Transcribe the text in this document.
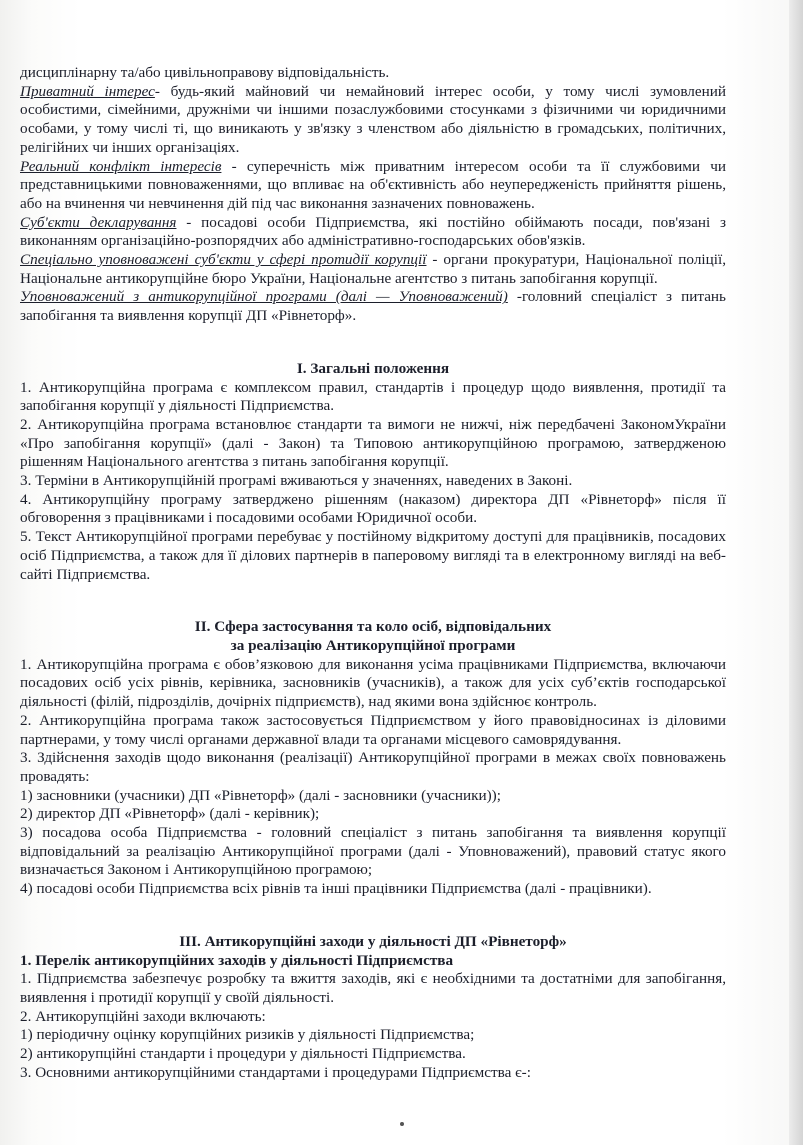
дисциплінарну та/або цивільноправову відповідальність.

Приватний інтерес- будь-який майновий чи немайновий інтерес особи, у тому числі зумовлений особистими, сімейними, дружніми чи іншими позаслужбовими стосунками з фізичними чи юридичними особами, у тому числі ті, що виникають у зв'язку з членством або діяльністю в громадських, політичних, релігійних чи інших організаціях.

Реальний конфлікт інтересів - суперечність між приватним інтересом особи та її службовими чи представницькими повноваженнями, що впливає на об'єктивність або неупередженість прийняття рішень, або на вчинення чи невчинення дій під час виконання зазначених повноважень.

Суб'єкти декларування - посадові особи Підприємства, які постійно обіймають посади, пов'язані з виконанням організаційно-розпорядчих або адміністративно-господарських обов'язків.

Спеціально уповноважені суб'єкти у сфері протидії корупції - органи прокуратури, Національної поліції, Національне антикорупційне бюро України, Національне агентство з питань запобігання корупції.

Уповноважений з антикорупційної програми (далі — Уповноважений) -головний спеціаліст з питань запобігання та виявлення корупції ДП «Рівнеторф».

I. Загальні положення

1. Антикорупційна програма є комплексом правил, стандартів і процедур щодо виявлення, протидії та запобігання корупції у діяльності Підприємства.

2. Антикорупційна програма встановлює стандарти та вимоги не нижчі, ніж передбачені ЗакономУкраїни «Про запобігання корупції» (далі - Закон) та Типовою антикорупційною програмою, затвердженою рішенням Національного агентства з питань запобігання корупції.

3. Терміни в Антикорупційній програмі вживаються у значеннях, наведених в Законі.

4. Антикорупційну програму затверджено рішенням (наказом) директора ДП «Рівнеторф» після її обговорення з працівниками і посадовими особами Юридичної особи.

5. Текст Антикорупційної програми перебуває у постійному відкритому доступі для працівників, посадових осіб Підприємства, а також для її ділових партнерів в паперовому вигляді та в електронному вигляді на веб-сайті Підприємства.

II. Сфера застосування та коло осіб, відповідальних

за реалізацію Антикорупційної програми

1. Антикорупційна програма є обов’язковою для виконання усіма працівниками Підприємства, включаючи посадових осіб усіх рівнів, керівника, засновників (учасників), а також для усіх суб’єктів господарської діяльності (філій, підрозділів, дочірніх підприємств), над якими вона здійснює контроль.

2. Антикорупційна програма також застосовується Підприємством у його правовідносинах із діловими партнерами, у тому числі органами державної влади та органами місцевого самоврядування.

3. Здійснення заходів щодо виконання (реалізації) Антикорупційної програми в межах своїх повноважень провадять:

1) засновники (учасники) ДП «Рівнеторф» (далі - засновники (учасники));

2) директор ДП «Рівнеторф» (далі - керівник);

3) посадова особа Підприємства - головний спеціаліст з питань запобігання та виявлення корупції відповідальний за реалізацію Антикорупційної програми (далі - Уповноважений), правовий статус якого визначається Законом і Антикорупційною програмою;

4) посадові особи Підприємства всіх рівнів та інші працівники Підприємства (далі - працівники).

III. Антикорупційні заходи у діяльності ДП «Рівнеторф»

1. Перелік антикорупційних заходів у діяльності Підприємства

1. Підприємства забезпечує розробку та вжиття заходів, які є необхідними та достатніми для запобігання, виявлення і протидії корупції у своїй діяльності.

2. Антикорупційні заходи включають:

1) періодичну оцінку корупційних ризиків у діяльності Підприємства;

2) антикорупційні стандарти і процедури у діяльності Підприємства.

3. Основними антикорупційними стандартами і процедурами Підприємства є-:
